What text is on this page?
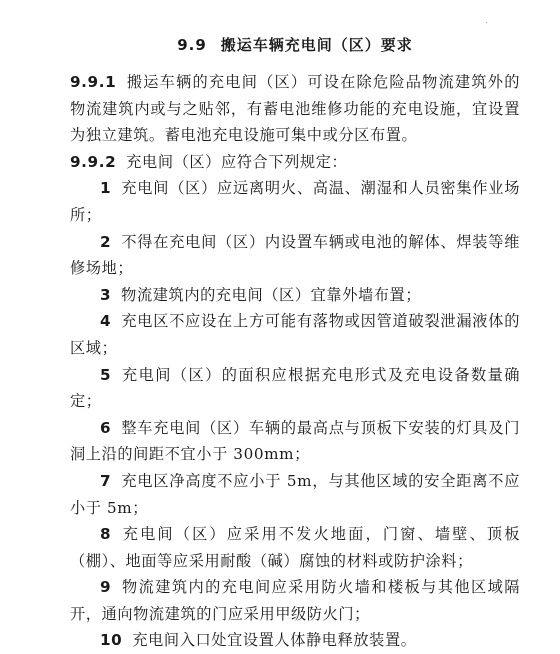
9.9 搬运车辆充电间（区）要求

9.9.1 搬运车辆的充电间（区）可设在除危险品物流建筑外的物流建筑内或与之贴邻，有蓄电池维修功能的充电设施，宜设置为独立建筑。蓄电池充电设施可集中或分区布置。

9.9.2 充电间（区）应符合下列规定：

1 充电间（区）应远离明火、高温、潮湿和人员密集作业场所；

2 不得在充电间（区）内设置车辆或电池的解体、焊装等维修场地；

3 物流建筑内的充电间（区）宜靠外墙布置；

4 充电区不应设在上方可能有落物或因管道破裂泄漏液体的区域；

5 充电间（区）的面积应根据充电形式及充电设备数量确定；

6 整车充电间（区）车辆的最高点与顶板下安装的灯具及门洞上沿的间距不宜小于 300mm；

7 充电区净高度不应小于 5m，与其他区域的安全距离不应小于 5m；

8 充电间（区）应采用不发火地面，门窗、墙壁、顶板（棚）、地面等应采用耐酸（碱）腐蚀的材料或防护涂料；

9 物流建筑内的充电间应采用防火墙和楼板与其他区域隔开，通向物流建筑的门应采用甲级防火门；

10 充电间入口处宜设置人体静电释放装置。
